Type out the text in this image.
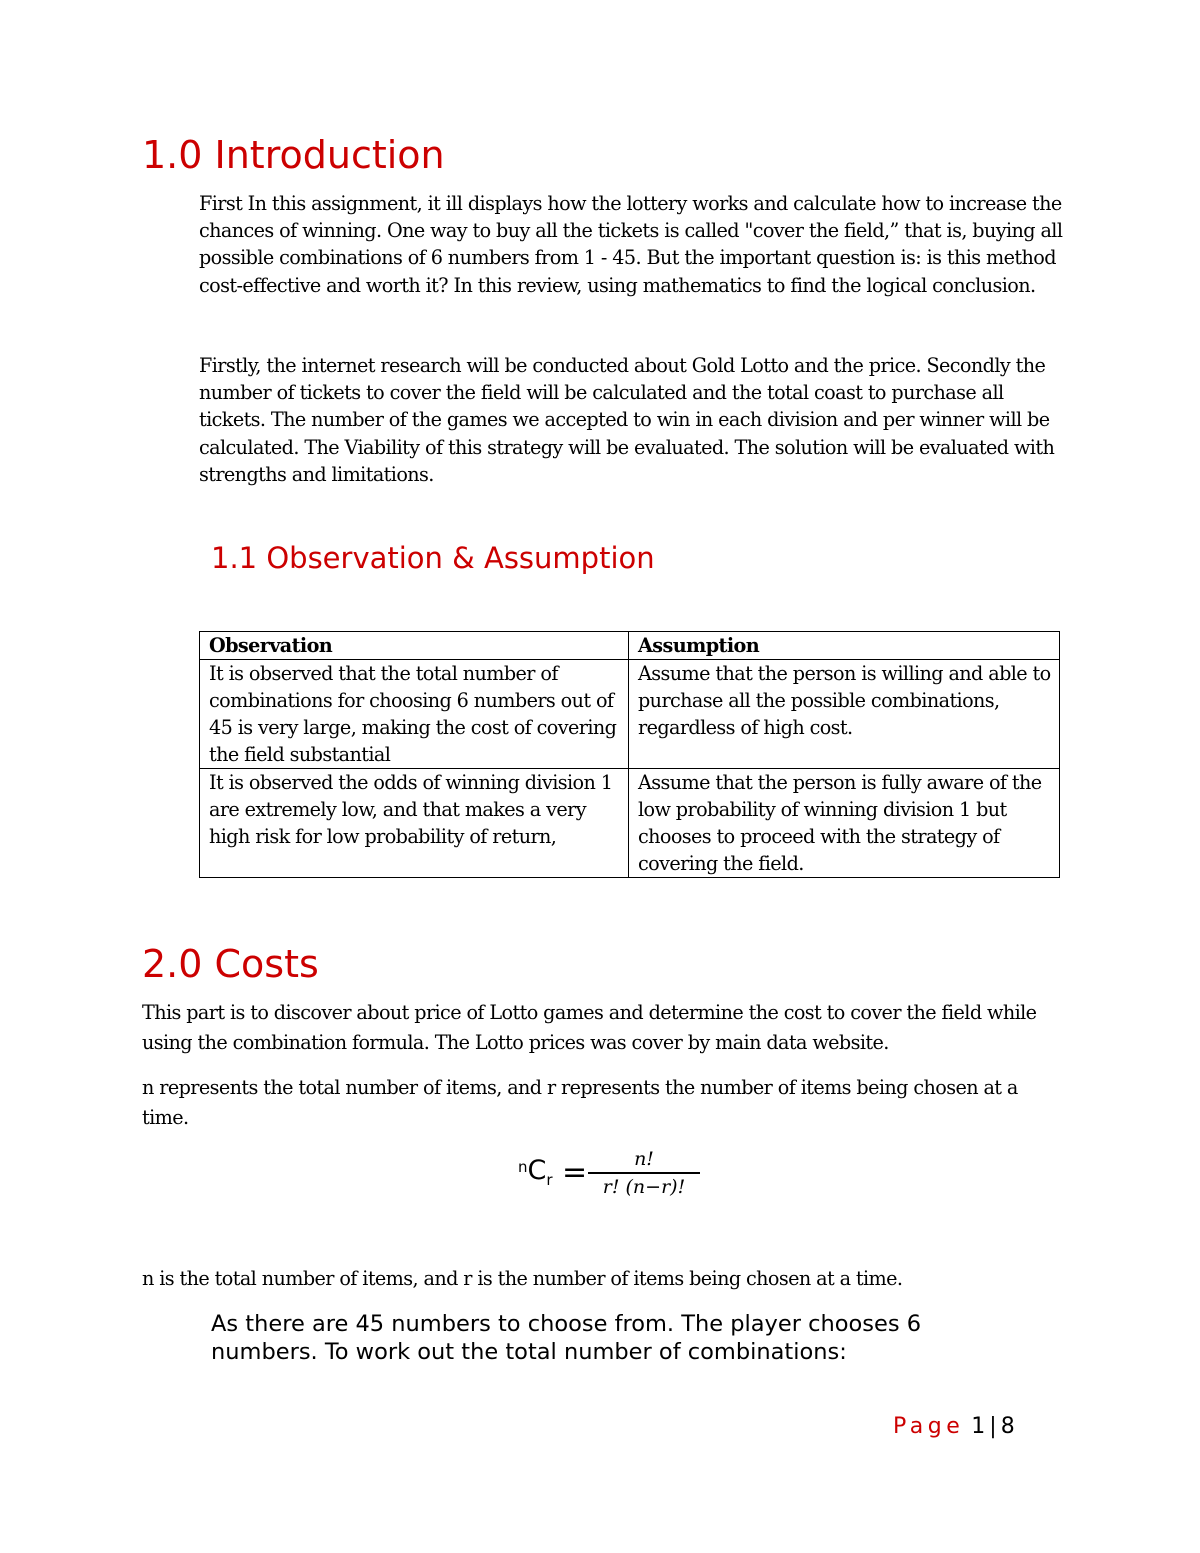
1.0 Introduction

First In this assignment, it ill displays how the lottery works and calculate how to increase the chances of winning. One way to buy all the tickets is called "cover the field,” that is, buying all possible combinations of 6 numbers from 1 - 45. But the important question is: is this method cost-effective and worth it? In this review, using mathematics to find the logical conclusion.

Firstly, the internet research will be conducted about Gold Lotto and the price. Secondly the number of tickets to cover the field will be calculated and the total coast to purchase all tickets. The number of the games we accepted to win in each division and per winner will be calculated. The Viability of this strategy will be evaluated. The solution will be evaluated with strengths and limitations.

1.1 Observation & Assumption
Observation	Assumption
It is observed that the total number of combinations for choosing 6 numbers out of 45 is very large, making the cost of covering the field substantial	Assume that the person is willing and able to purchase all the possible combinations, regardless of high cost.
It is observed the odds of winning division 1 are extremely low, and that makes a very high risk for low probability of return,	Assume that the person is fully aware of the low probability of winning division 1 but chooses to proceed with the strategy of covering the field.
2.0 Costs

This part is to discover about price of Lotto games and determine the cost to cover the field while using the combination formula. The Lotto prices was cover by main data website.

n represents the total number of items, and r represents the number of items being chosen at a time.

$^nC_r$ =	n!
r! (n−r)!

n is the total number of items, and r is the number of items being chosen at a time.

As there are 45 numbers to choose from. The player chooses 6 numbers. To work out the total number of combinations:

Page 1 | 8
